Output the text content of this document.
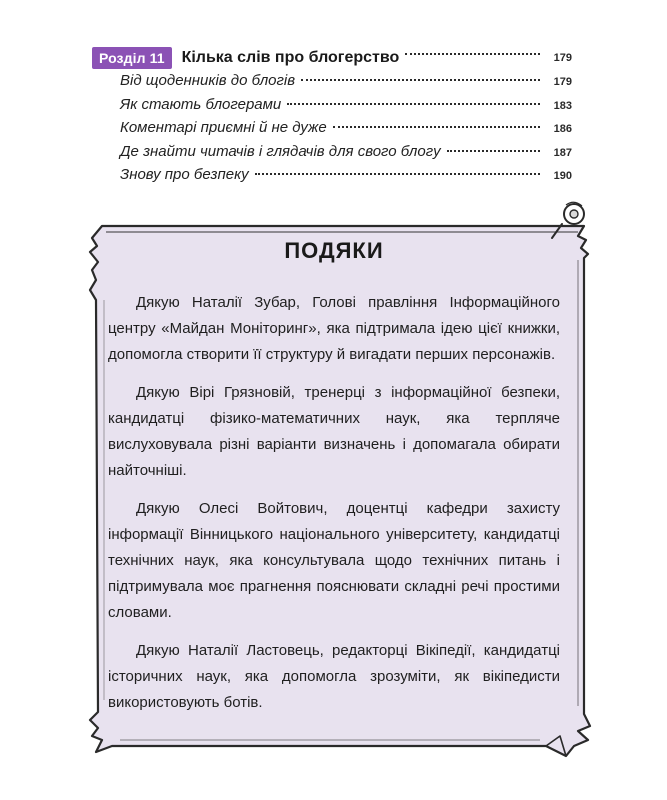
Розділ 11	Кілька слів про блогерство	179
Від щоденників до блогів	179
Як стають блогерами	183
Коментарі приємні й не дуже	186
Де знайти читачів і глядачів для свого блогу	187
Знову про безпеку	190
ПОДЯКИ

Дякую Наталії Зубар, Голові правління Інформаційного центру «Майдан Моніторинг», яка підтримала ідею цієї книжки, допомогла створити її структуру й вигадати перших персонажів.

Дякую Вірі Грязновій, тренерці з інформаційної безпеки, кандидатці фізико-математичних наук, яка терпляче вислуховувала різні варіанти визначень і допомагала обирати найточніші.

Дякую Олесі Войтович, доцентці кафедри захисту інформації Вінницького національного університету, кандидатці технічних наук, яка консультувала щодо технічних питань і підтримувала моє прагнення пояснювати складні речі простими словами.

Дякую Наталії Ластовець, редакторці Вікіпедії, кандидатці історичних наук, яка допомогла зрозуміти, як вікіпедисти використовують ботів.
